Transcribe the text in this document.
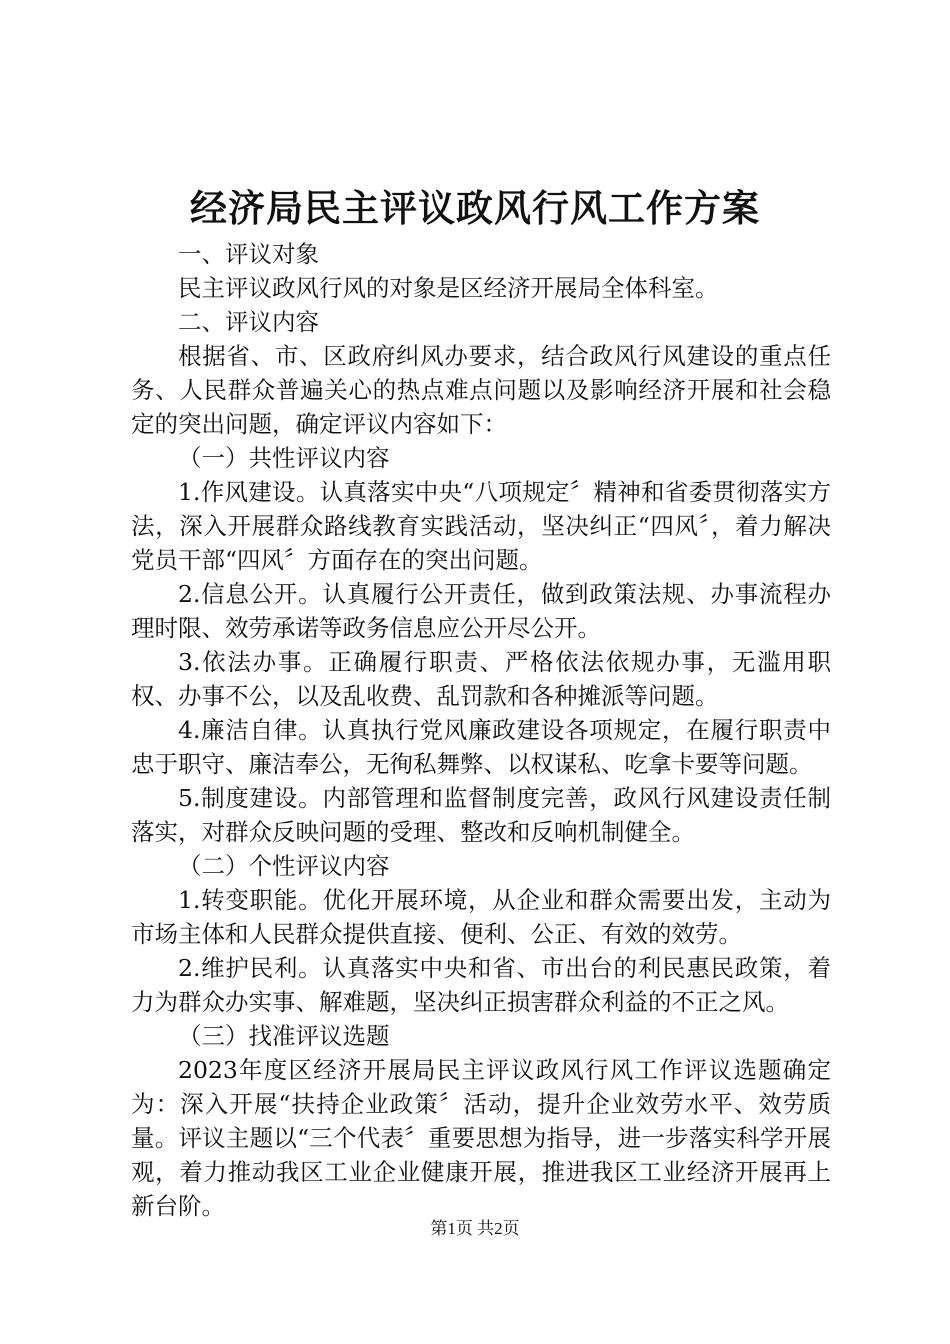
经济局民主评议政风行风工作方案

一、评议对象

民主评议政风行风的对象是区经济开展局全体科室。

二、评议内容

根据省、市、区政府纠风办要求，结合政风行风建设的重点任务、人民群众普遍关心的热点难点问题以及影响经济开展和社会稳定的突出问题，确定评议内容如下：

（一）共性评议内容

1.作风建设。认真落实中央“八项规定〞精神和省委贯彻落实方法，深入开展群众路线教育实践活动，坚决纠正“四风〞，着力解决党员干部“四风〞方面存在的突出问题。

2.信息公开。认真履行公开责任，做到政策法规、办事流程办理时限、效劳承诺等政务信息应公开尽公开。

3.依法办事。正确履行职责、严格依法依规办事，无滥用职权、办事不公，以及乱收费、乱罚款和各种摊派等问题。

4.廉洁自律。认真执行党风廉政建设各项规定，在履行职责中忠于职守、廉洁奉公，无徇私舞弊、以权谋私、吃拿卡要等问题。

5.制度建设。内部管理和监督制度完善，政风行风建设责任制落实，对群众反映问题的受理、整改和反响机制健全。

（二）个性评议内容

1.转变职能。优化开展环境，从企业和群众需要出发，主动为市场主体和人民群众提供直接、便利、公正、有效的效劳。

2.维护民利。认真落实中央和省、市出台的利民惠民政策，着力为群众办实事、解难题，坚决纠正损害群众利益的不正之风。

（三）找准评议选题

2023年度区经济开展局民主评议政风行风工作评议选题确定为：深入开展“扶持企业政策〞活动，提升企业效劳水平、效劳质量。评议主题以“三个代表〞重要思想为指导，进一步落实科学开展观，着力推动我区工业企业健康开展，推进我区工业经济开展再上新台阶。

第1页 共2页
